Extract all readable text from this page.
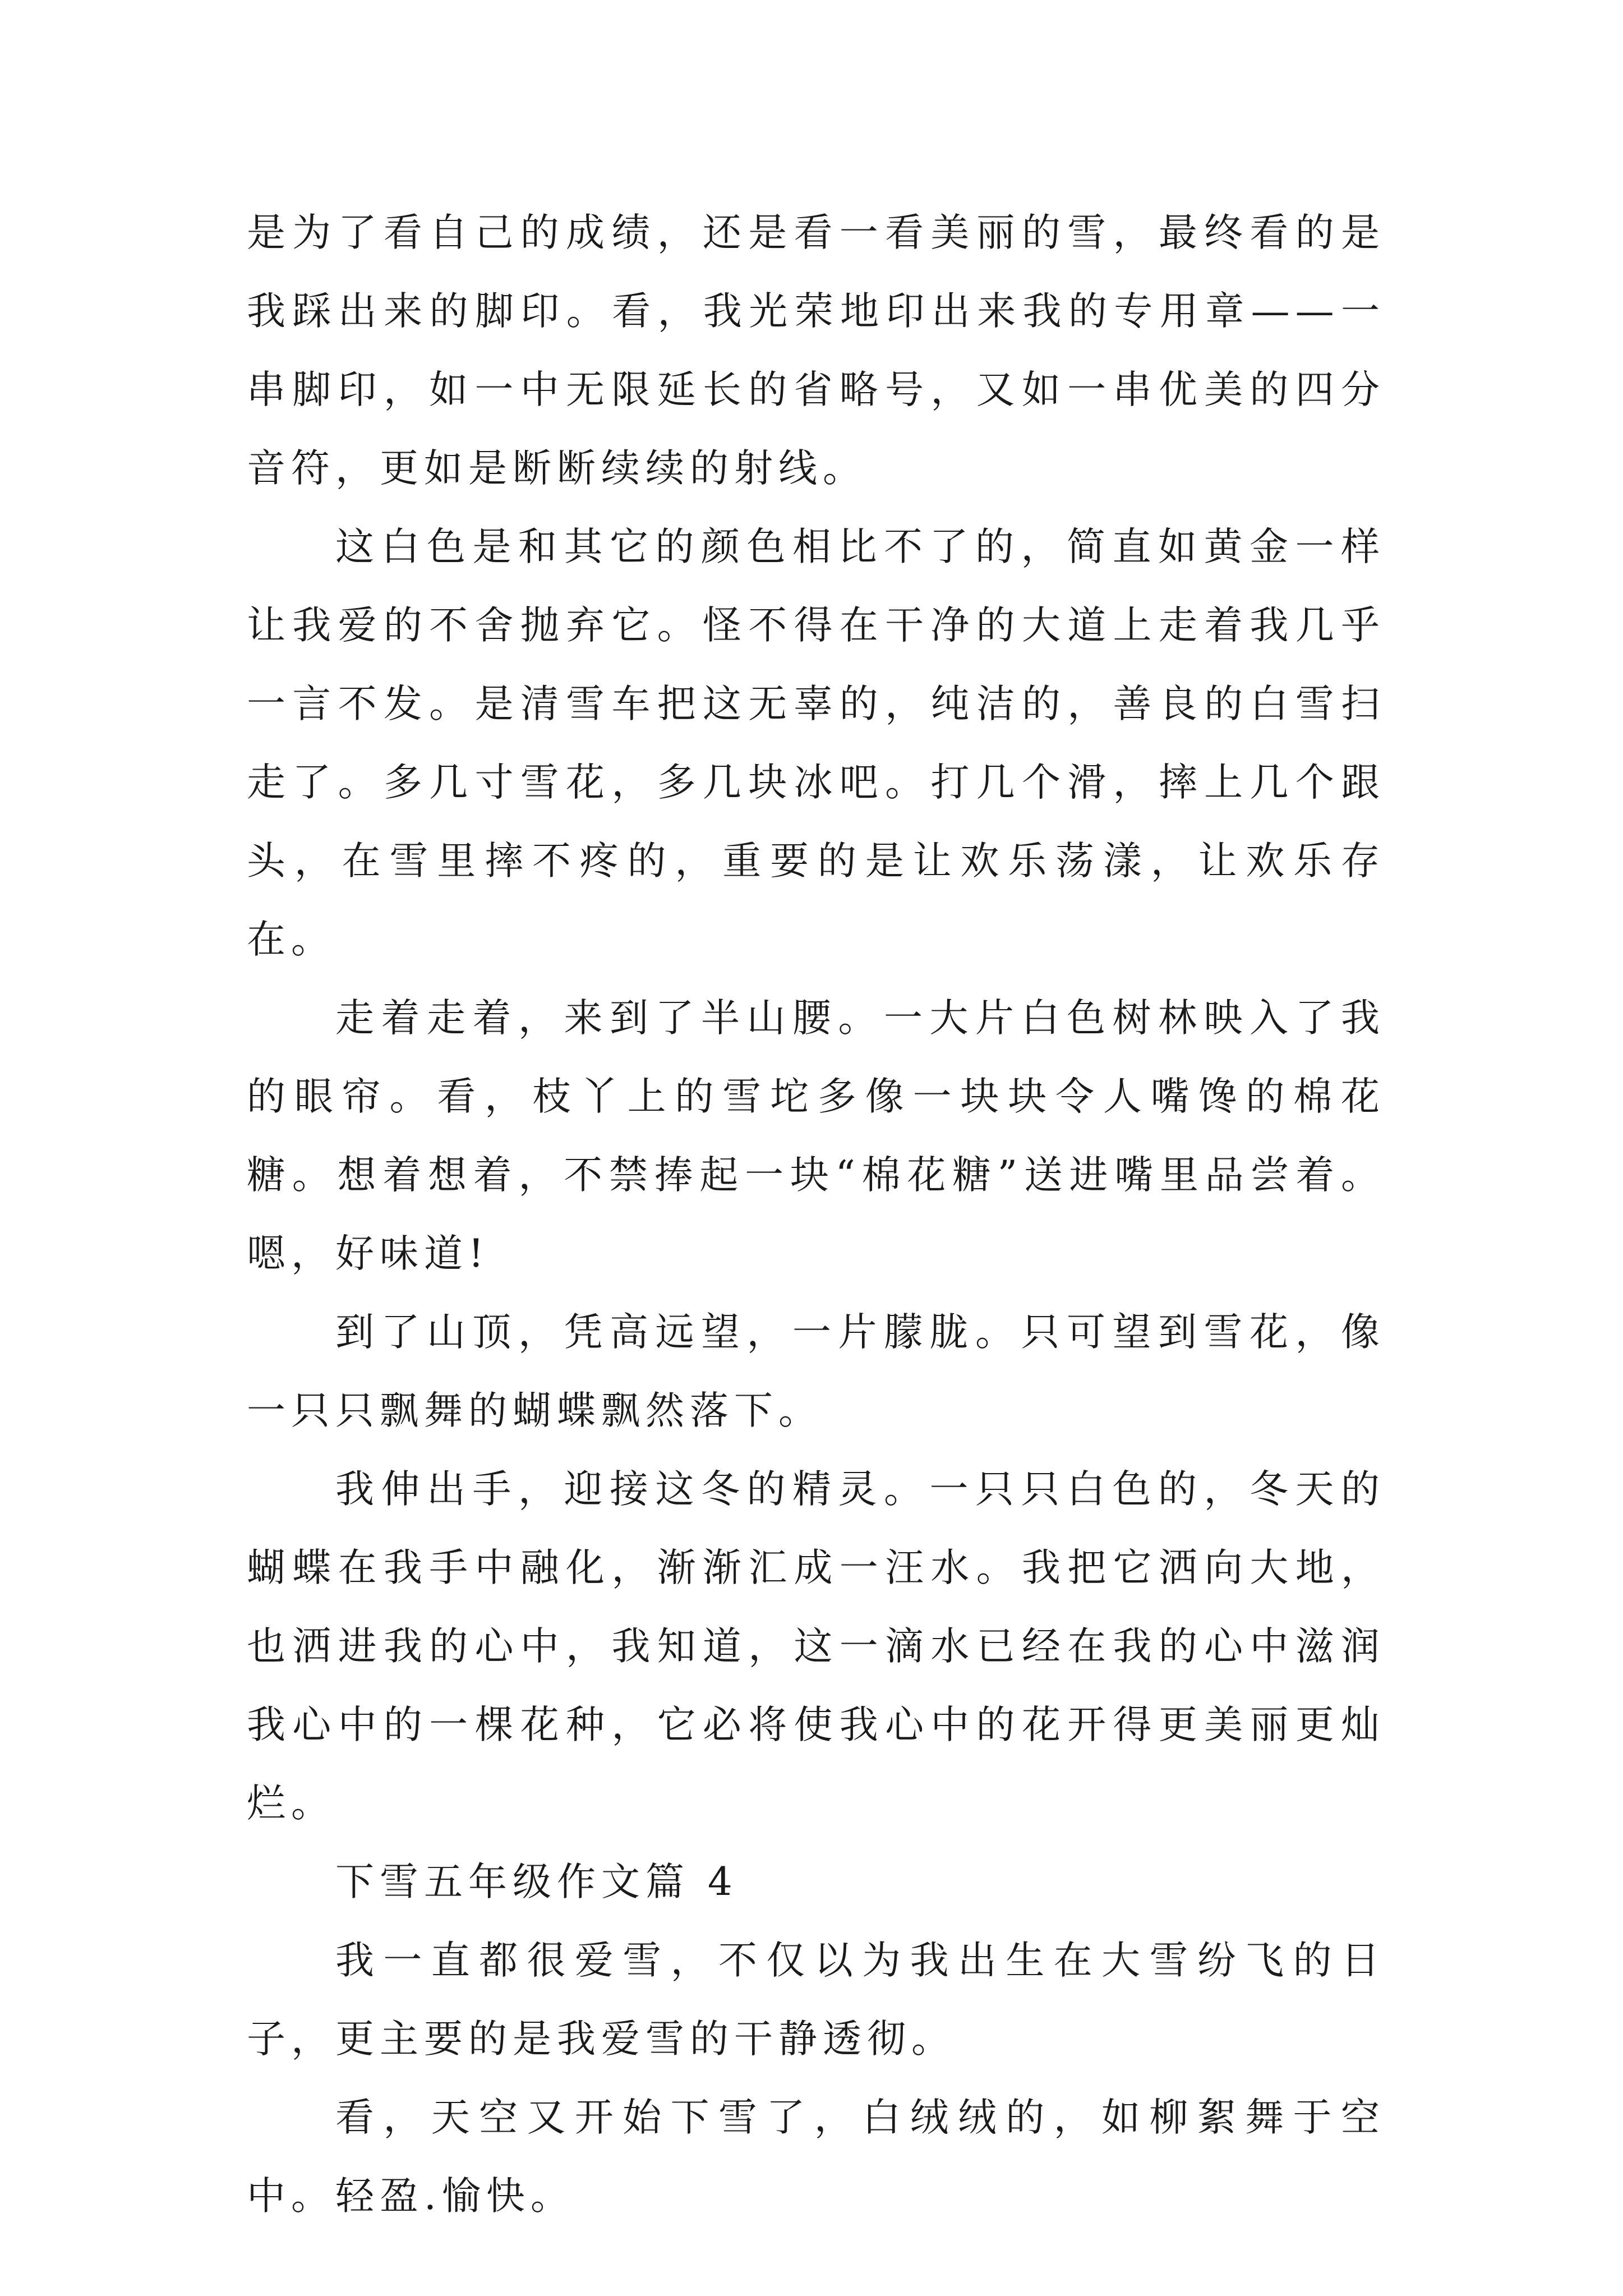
是为了看自己的成绩，还是看一看美丽的雪，最终看的是我踩出来的脚印。看，我光荣地印出来我的专用章——一串脚印，如一中无限延长的省略号，又如一串优美的四分音符，更如是断断续续的射线。

这白色是和其它的颜色相比不了的，简直如黄金一样让我爱的不舍抛弃它。怪不得在干净的大道上走着我几乎一言不发。是清雪车把这无辜的，纯洁的，善良的白雪扫走了。多几寸雪花，多几块冰吧。打几个滑，摔上几个跟头，在雪里摔不疼的，重要的是让欢乐荡漾，让欢乐存在。

走着走着，来到了半山腰。一大片白色树林映入了我的眼帘。看，枝丫上的雪坨多像一块块令人嘴馋的棉花糖。想着想着，不禁捧起一块“棉花糖”送进嘴里品尝着。嗯，好味道!

到了山顶，凭高远望，一片朦胧。只可望到雪花，像一只只飘舞的蝴蝶飘然落下。

我伸出手，迎接这冬的精灵。一只只白色的，冬天的蝴蝶在我手中融化，渐渐汇成一汪水。我把它洒向大地，也洒进我的心中，我知道，这一滴水已经在我的心中滋润我心中的一棵花种，它必将使我心中的花开得更美丽更灿烂。

下雪五年级作文篇 4

我一直都很爱雪，不仅以为我出生在大雪纷飞的日子，更主要的是我爱雪的干静透彻。

看，天空又开始下雪了，白绒绒的，如柳絮舞于空中。轻盈.愉快。
